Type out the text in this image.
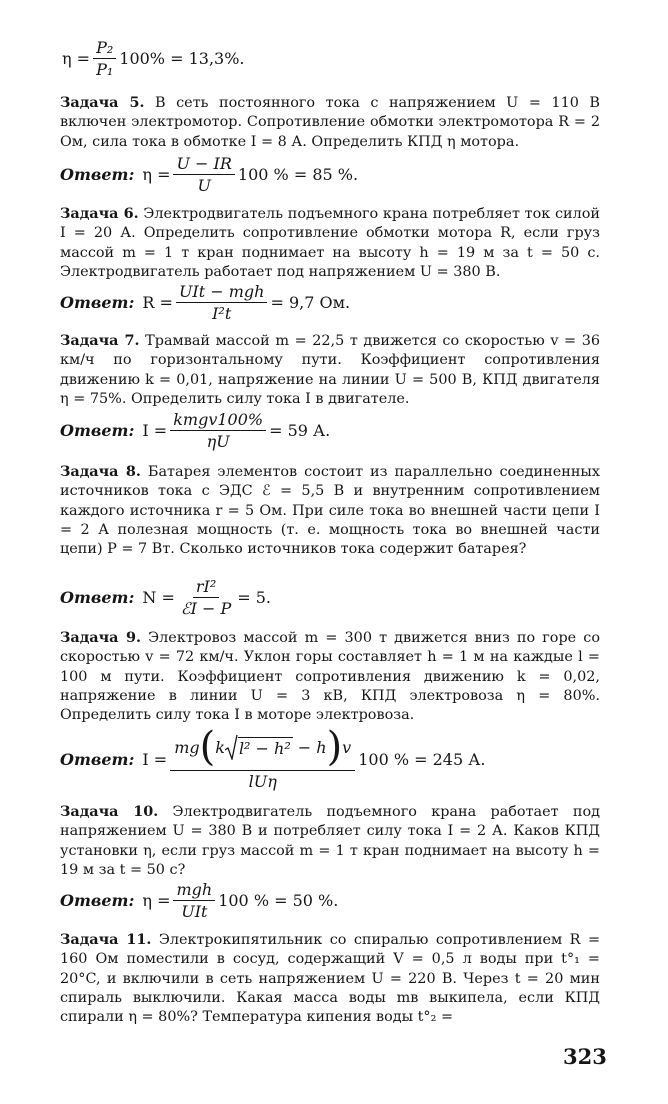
$\eta = \frac{\text{P₂}}{\text{P₁}} 100\% = 13,3\%$.
Задача 5. В сеть постоянного тока с напряжением U = 110 В включен электромотор. Сопротивление обмотки электромотора R = 2 Ом, сила тока в обмотке I = 8 А. Определить КПД η мотора.
Ответ: $\eta = \frac{U - IR}{U} 100$ % = 85 %.
Задача 6. Электродвигатель подъемного крана потребляет ток силой I = 20 А. Определить сопротивление обмотки мотора R, если груз массой m = 1 т кран поднимает на высоту h = 19 м за t = 50 с. Электродвигатель работает под напряжением U = 380 В.
Ответ: $R = \frac{\text{UIt − mgh}}{\text{I²t}} = 9,7$ Ом.
Задача 7. Трамвай массой m = 22,5 т движется со скоростью v = 36 км/ч по горизонтальному пути. Коэффициент сопротивления движению k = 0,01, напряжение на линии U = 500 В, КПД двигателя η = 75%. Определить силу тока I в двигателе.
Ответ: $I = \frac{\text{kmgv100\%}}{\eta U} = 59$ А.
Задача 8. Батарея элементов состоит из параллельно соединенных источников тока с ЭДС ℰ = 5,5 В и внутренним сопротивлением каждого источника r = 5 Ом. При силе тока во внешней части цепи I = 2 А полезная мощность (т. е. мощность тока во внешней части цепи) P = 7 Вт. Сколько источников тока содержит батарея?
Ответ: $N = \frac{\text{rI²}}{\text{ℰI − P}} = 5$.
Задача 9. Электровоз массой m = 300 т движется вниз по горе со скоростью v = 72 км/ч. Уклон горы составляет h = 1 м на каждые l = 100 м пути. Коэффициент сопротивления движению k = 0,02, напряжение в линии U = 3 кВ, КПД электровоза η = 80%. Определить силу тока I в моторе электровоза.
Ответ: I =
mg ( k l² − h² − h ) v
lUη
100 % = 245 А.
Задача 10. Электродвигатель подъемного крана работает под напряжением U = 380 В и потребляет силу тока I = 2 А. Каков КПД установки η, если груз массой m = 1 т кран поднимает на высоту h = 19 м за t = 50 с?
Ответ: $\eta = \frac{\text{mgh}}{\text{UIt}} 100$ % = 50 %.
Задача 11. Электрокипятильник со спиралью сопротивлением R = 160 Ом поместили в сосуд, содержащий V = 0,5 л воды при t°₁ = 20°C, и включили в сеть напряжением U = 220 В. Через t = 20 мин спираль выключили. Какая масса воды mв выкипела, если КПД спирали η = 80%? Температура кипения воды t°₂ =
323
